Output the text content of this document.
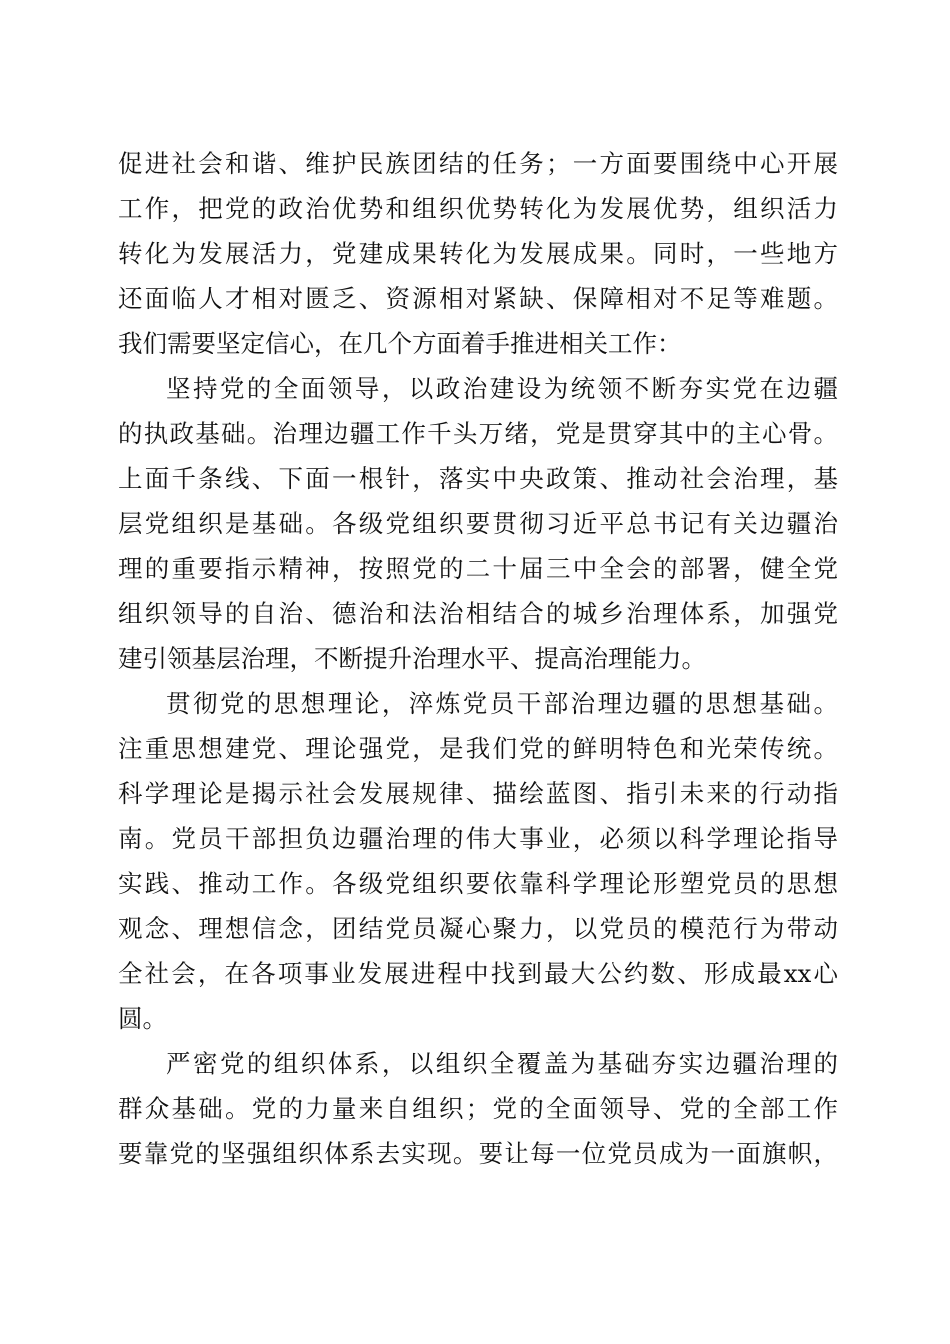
促进社会和谐、维护民族团结的任务；一方面要围绕中心开展
工作，把党的政治优势和组织优势转化为发展优势，组织活力
转化为发展活力，党建成果转化为发展成果。同时，一些地方
还面临人才相对匮乏、资源相对紧缺、保障相对不足等难题。
我们需要坚定信心，在几个方面着手推进相关工作：
坚持党的全面领导，以政治建设为统领不断夯实党在边疆
的执政基础。治理边疆工作千头万绪，党是贯穿其中的主心骨。
上面千条线、下面一根针，落实中央政策、推动社会治理，基
层党组织是基础。各级党组织要贯彻习近平总书记有关边疆治
理的重要指示精神，按照党的二十届三中全会的部署，健全党
组织领导的自治、德治和法治相结合的城乡治理体系，加强党
建引领基层治理，不断提升治理水平、提高治理能力。
贯彻党的思想理论，淬炼党员干部治理边疆的思想基础。
注重思想建党、理论强党，是我们党的鲜明特色和光荣传统。
科学理论是揭示社会发展规律、描绘蓝图、指引未来的行动指
南。党员干部担负边疆治理的伟大事业，必须以科学理论指导
实践、推动工作。各级党组织要依靠科学理论形塑党员的思想
观念、理想信念，团结党员凝心聚力，以党员的模范行为带动
全社会，在各项事业发展进程中找到最大公约数、形成最xx心
圆。
严密党的组织体系，以组织全覆盖为基础夯实边疆治理的
群众基础。党的力量来自组织；党的全面领导、党的全部工作
要靠党的坚强组织体系去实现。要让每一位党员成为一面旗帜，
